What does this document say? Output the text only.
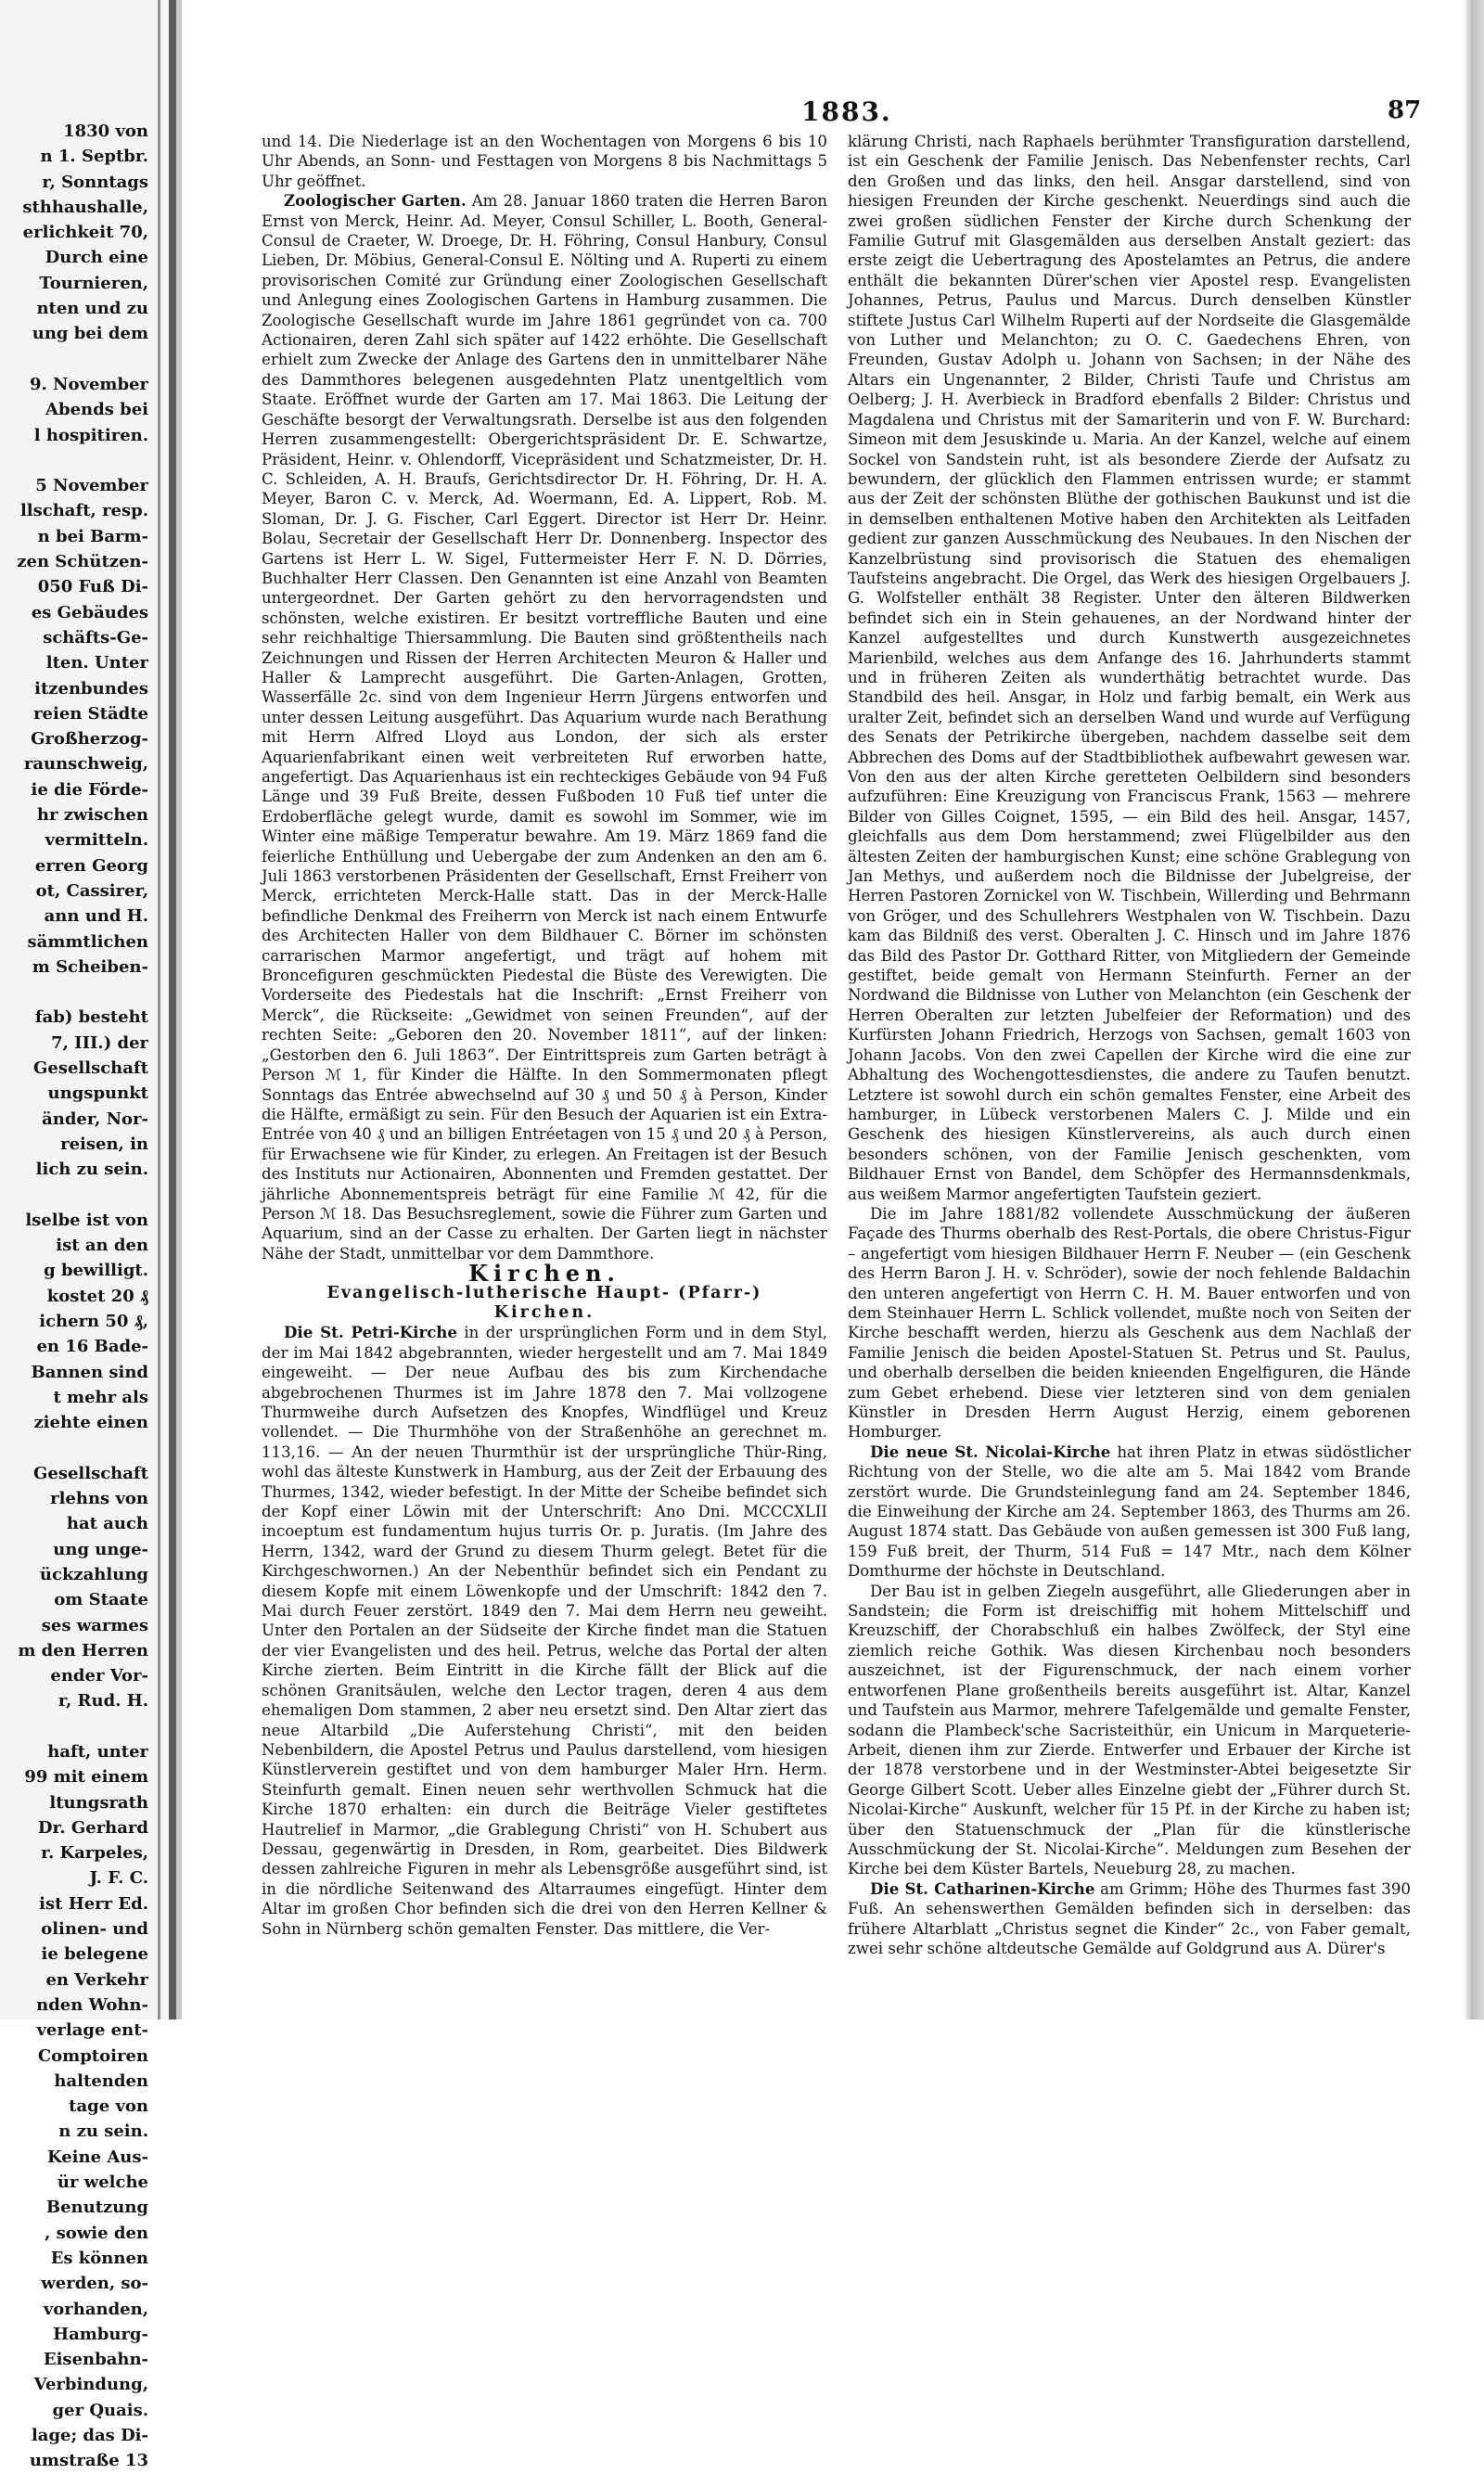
1830 von
n 1. Septbr.
r, Sonntags
sthhaushalle,
erlichkeit 70,
Durch eine
Tournieren,
nten und zu
ung bei dem
9. November
Abends bei
l hospitiren.
5 November
llschaft, resp.
n bei Barm-
zen Schützen-
050 Fuß Di-
es Gebäudes
schäfts-Ge-
lten. Unter
itzenbundes
reien Städte
Großherzog-
raunschweig,
ie die Förde-
hr zwischen
vermitteln.
erren Georg
ot, Cassirer,
ann und H.
sämmtlichen
m Scheiben-
fab) besteht
7, III.) der
Gesellschaft
ungspunkt
änder, Nor-
reisen, in
lich zu sein.
lselbe ist von
ist an den
g bewilligt.
kostet 20 ₰
ichern 50 ₰,
en 16 Bade-
Bannen sind
t mehr als
ziehte einen
Gesellschaft
rlehns von
hat auch
ung unge-
ückzahlung
om Staate
ses warmes
m den Herren
ender Vor-
r, Rud. H.
haft, unter
99 mit einem
ltungsrath
Dr. Gerhard
r. Karpeles,
J. F. C.
ist Herr Ed.
olinen- und
ie belegene
en Verkehr
nden Wohn-
verlage ent-
Comptoiren
haltenden
tage von
n zu sein.
Keine Aus-
ür welche
Benutzung
, sowie den
Es können
werden, so-
vorhanden,
Hamburg-
Eisenbahn-
Verbindung,
ger Quais.
lage; das Di-
umstraße 13
1883.	87

und 14. Die Niederlage ist an den Wochentagen von Morgens 6 bis 10 Uhr Abends, an Sonn- und Festtagen von Morgens 8 bis Nachmittags 5 Uhr geöffnet.

Zoologischer Garten. Am 28. Januar 1860 traten die Herren Baron Ernst von Merck, Heinr. Ad. Meyer, Consul Schiller, L. Booth, General-Consul de Craeter, W. Droege, Dr. H. Föhring, Consul Hanbury, Consul Lieben, Dr. Möbius, General-Consul E. Nölting und A. Ruperti zu einem provisorischen Comité zur Gründung einer Zoologischen Gesellschaft und Anlegung eines Zoologischen Gartens in Hamburg zusammen. Die Zoologische Gesellschaft wurde im Jahre 1861 gegründet von ca. 700 Actionairen, deren Zahl sich später auf 1422 erhöhte. Die Gesellschaft erhielt zum Zwecke der Anlage des Gartens den in unmittelbarer Nähe des Dammthores belegenen ausgedehnten Platz unentgeltlich vom Staate. Eröffnet wurde der Garten am 17. Mai 1863. Die Leitung der Geschäfte besorgt der Verwaltungsrath. Derselbe ist aus den folgenden Herren zusammengestellt: Obergerichtspräsident Dr. E. Schwartze, Präsident, Heinr. v. Ohlendorff, Vicepräsident und Schatzmeister, Dr. H. C. Schleiden, A. H. Braufs, Gerichtsdirector Dr. H. Föhring, Dr. H. A. Meyer, Baron C. v. Merck, Ad. Woermann, Ed. A. Lippert, Rob. M. Sloman, Dr. J. G. Fischer, Carl Eggert. Director ist Herr Dr. Heinr. Bolau, Secretair der Gesellschaft Herr Dr. Donnenberg. Inspector des Gartens ist Herr L. W. Sigel, Futtermeister Herr F. N. D. Dörries, Buchhalter Herr Classen. Den Genannten ist eine Anzahl von Beamten untergeordnet. Der Garten gehört zu den hervorragendsten und schönsten, welche existiren. Er besitzt vortreffliche Bauten und eine sehr reichhaltige Thiersammlung. Die Bauten sind größtentheils nach Zeichnungen und Rissen der Herren Architecten Meuron & Haller und Haller & Lamprecht ausgeführt. Die Garten-Anlagen, Grotten, Wasserfälle 2c. sind von dem Ingenieur Herrn Jürgens entworfen und unter dessen Leitung ausgeführt. Das Aquarium wurde nach Berathung mit Herrn Alfred Lloyd aus London, der sich als erster Aquarienfabrikant einen weit verbreiteten Ruf erworben hatte, angefertigt. Das Aquarienhaus ist ein rechteckiges Gebäude von 94 Fuß Länge und 39 Fuß Breite, dessen Fußboden 10 Fuß tief unter die Erdoberfläche gelegt wurde, damit es sowohl im Sommer, wie im Winter eine mäßige Temperatur bewahre. Am 19. März 1869 fand die feierliche Enthüllung und Uebergabe der zum Andenken an den am 6. Juli 1863 verstorbenen Präsidenten der Gesellschaft, Ernst Freiherr von Merck, errichteten Merck-Halle statt. Das in der Merck-Halle befindliche Denkmal des Freiherrn von Merck ist nach einem Entwurfe des Architecten Haller von dem Bildhauer C. Börner im schönsten carrarischen Marmor angefertigt, und trägt auf hohem mit Broncefiguren geschmückten Piedestal die Büste des Verewigten. Die Vorderseite des Piedestals hat die Inschrift: „Ernst Freiherr von Merck“, die Rückseite: „Gewidmet von seinen Freunden“, auf der rechten Seite: „Geboren den 20. November 1811“, auf der linken: „Gestorben den 6. Juli 1863“. Der Eintrittspreis zum Garten beträgt à Person ℳ 1, für Kinder die Hälfte. In den Sommermonaten pflegt Sonntags das Entrée abwechselnd auf 30 ₰ und 50 ₰ à Person, Kinder die Hälfte, ermäßigt zu sein. Für den Besuch der Aquarien ist ein Extra-Entrée von 40 ₰ und an billigen Entréetagen von 15 ₰ und 20 ₰ à Person, für Erwachsene wie für Kinder, zu erlegen. An Freitagen ist der Besuch des Instituts nur Actionairen, Abonnenten und Fremden gestattet. Der jährliche Abonnementspreis beträgt für eine Familie ℳ 42, für die Person ℳ 18. Das Besuchsreglement, sowie die Führer zum Garten und Aquarium, sind an der Casse zu erhalten. Der Garten liegt in nächster Nähe der Stadt, unmittelbar vor dem Dammthore.

Kirchen.

Evangelisch-lutherische Haupt- (Pfarr-)

Kirchen.

Die St. Petri-Kirche in der ursprünglichen Form und in dem Styl, der im Mai 1842 abgebrannten, wieder hergestellt und am 7. Mai 1849 eingeweiht. — Der neue Aufbau des bis zum Kirchendache abgebrochenen Thurmes ist im Jahre 1878 den 7. Mai vollzogene Thurmweihe durch Aufsetzen des Knopfes, Windflügel und Kreuz vollendet. — Die Thurmhöhe von der Straßenhöhe an gerechnet m. 113,16. — An der neuen Thurmthür ist der ursprüngliche Thür-Ring, wohl das älteste Kunstwerk in Hamburg, aus der Zeit der Erbauung des Thurmes, 1342, wieder befestigt. In der Mitte der Scheibe befindet sich der Kopf einer Löwin mit der Unterschrift: Ano Dni. MCCCXLII incoeptum est fundamentum hujus turris Or. p. Juratis. (Im Jahre des Herrn, 1342, ward der Grund zu diesem Thurm gelegt. Betet für die Kirchgeschwornen.) An der Nebenthür befindet sich ein Pendant zu diesem Kopfe mit einem Löwenkopfe und der Umschrift: 1842 den 7. Mai durch Feuer zerstört. 1849 den 7. Mai dem Herrn neu geweiht. Unter den Portalen an der Südseite der Kirche findet man die Statuen der vier Evangelisten und des heil. Petrus, welche das Portal der alten Kirche zierten. Beim Eintritt in die Kirche fällt der Blick auf die schönen Granitsäulen, welche den Lector tragen, deren 4 aus dem ehemaligen Dom stammen, 2 aber neu ersetzt sind. Den Altar ziert das neue Altarbild „Die Auferstehung Christi“, mit den beiden Nebenbildern, die Apostel Petrus und Paulus darstellend, vom hiesigen Künstlerverein gestiftet und von dem hamburger Maler Hrn. Herm. Steinfurth gemalt. Einen neuen sehr werthvollen Schmuck hat die Kirche 1870 erhalten: ein durch die Beiträge Vieler gestiftetes Hautrelief in Marmor, „die Grablegung Christi“ von H. Schubert aus Dessau, gegenwärtig in Dresden, in Rom, gearbeitet. Dies Bildwerk dessen zahlreiche Figuren in mehr als Lebensgröße ausgeführt sind, ist in die nördliche Seitenwand des Altarraumes eingefügt. Hinter dem Altar im großen Chor befinden sich die drei von den Herren Kellner & Sohn in Nürnberg schön gemalten Fenster. Das mittlere, die Ver-

klärung Christi, nach Raphaels berühmter Transfiguration darstellend, ist ein Geschenk der Familie Jenisch. Das Nebenfenster rechts, Carl den Großen und das links, den heil. Ansgar darstellend, sind von hiesigen Freunden der Kirche geschenkt. Neuerdings sind auch die zwei großen südlichen Fenster der Kirche durch Schenkung der Familie Gutruf mit Glasgemälden aus derselben Anstalt geziert: das erste zeigt die Uebertragung des Apostelamtes an Petrus, die andere enthält die bekannten Dürer'schen vier Apostel resp. Evangelisten Johannes, Petrus, Paulus und Marcus. Durch denselben Künstler stiftete Justus Carl Wilhelm Ruperti auf der Nordseite die Glasgemälde von Luther und Melanchton; zu O. C. Gaedechens Ehren, von Freunden, Gustav Adolph u. Johann von Sachsen; in der Nähe des Altars ein Ungenannter, 2 Bilder, Christi Taufe und Christus am Oelberg; J. H. Averbieck in Bradford ebenfalls 2 Bilder: Christus und Magdalena und Christus mit der Samariterin und von F. W. Burchard: Simeon mit dem Jesuskinde u. Maria. An der Kanzel, welche auf einem Sockel von Sandstein ruht, ist als besondere Zierde der Aufsatz zu bewundern, der glücklich den Flammen entrissen wurde; er stammt aus der Zeit der schönsten Blüthe der gothischen Baukunst und ist die in demselben enthaltenen Motive haben den Architekten als Leitfaden gedient zur ganzen Ausschmückung des Neubaues. In den Nischen der Kanzelbrüstung sind provisorisch die Statuen des ehemaligen Taufsteins angebracht. Die Orgel, das Werk des hiesigen Orgelbauers J. G. Wolfsteller enthält 38 Register. Unter den älteren Bildwerken befindet sich ein in Stein gehauenes, an der Nordwand hinter der Kanzel aufgestelltes und durch Kunstwerth ausgezeichnetes Marienbild, welches aus dem Anfange des 16. Jahrhunderts stammt und in früheren Zeiten als wunderthätig betrachtet wurde. Das Standbild des heil. Ansgar, in Holz und farbig bemalt, ein Werk aus uralter Zeit, befindet sich an derselben Wand und wurde auf Verfügung des Senats der Petrikirche übergeben, nachdem dasselbe seit dem Abbrechen des Doms auf der Stadtbibliothek aufbewahrt gewesen war. Von den aus der alten Kirche geretteten Oelbildern sind besonders aufzuführen: Eine Kreuzigung von Franciscus Frank, 1563 — mehrere Bilder von Gilles Coignet, 1595, — ein Bild des heil. Ansgar, 1457, gleichfalls aus dem Dom herstammend; zwei Flügelbilder aus den ältesten Zeiten der hamburgischen Kunst; eine schöne Grablegung von Jan Methys, und außerdem noch die Bildnisse der Jubelgreise, der Herren Pastoren Zornickel von W. Tischbein, Willerding und Behrmann von Gröger, und des Schullehrers Westphalen von W. Tischbein. Dazu kam das Bildniß des verst. Oberalten J. C. Hinsch und im Jahre 1876 das Bild des Pastor Dr. Gotthard Ritter, von Mitgliedern der Gemeinde gestiftet, beide gemalt von Hermann Steinfurth. Ferner an der Nordwand die Bildnisse von Luther von Melanchton (ein Geschenk der Herren Oberalten zur letzten Jubelfeier der Reformation) und des Kurfürsten Johann Friedrich, Herzogs von Sachsen, gemalt 1603 von Johann Jacobs. Von den zwei Capellen der Kirche wird die eine zur Abhaltung des Wochengottesdienstes, die andere zu Taufen benutzt. Letztere ist sowohl durch ein schön gemaltes Fenster, eine Arbeit des hamburger, in Lübeck verstorbenen Malers C. J. Milde und ein Geschenk des hiesigen Künstlervereins, als auch durch einen besonders schönen, von der Familie Jenisch geschenkten, vom Bildhauer Ernst von Bandel, dem Schöpfer des Hermannsdenkmals, aus weißem Marmor angefertigten Taufstein geziert.

Die im Jahre 1881/82 vollendete Ausschmückung der äußeren Façade des Thurms oberhalb des Rest-Portals, die obere Christus-Figur – angefertigt vom hiesigen Bildhauer Herrn F. Neuber — (ein Geschenk des Herrn Baron J. H. v. Schröder), sowie der noch fehlende Baldachin den unteren angefertigt von Herrn C. H. M. Bauer entworfen und von dem Steinhauer Herrn L. Schlick vollendet, mußte noch von Seiten der Kirche beschafft werden, hierzu als Geschenk aus dem Nachlaß der Familie Jenisch die beiden Apostel-Statuen St. Petrus und St. Paulus, und oberhalb derselben die beiden knieenden Engelfiguren, die Hände zum Gebet erhebend. Diese vier letzteren sind von dem genialen Künstler in Dresden Herrn August Herzig, einem geborenen Homburger.

Die neue St. Nicolai-Kirche hat ihren Platz in etwas südöstlicher Richtung von der Stelle, wo die alte am 5. Mai 1842 vom Brande zerstört wurde. Die Grundsteinlegung fand am 24. September 1846, die Einweihung der Kirche am 24. September 1863, des Thurms am 26. August 1874 statt. Das Gebäude von außen gemessen ist 300 Fuß lang, 159 Fuß breit, der Thurm, 514 Fuß = 147 Mtr., nach dem Kölner Domthurme der höchste in Deutschland.

Der Bau ist in gelben Ziegeln ausgeführt, alle Gliederungen aber in Sandstein; die Form ist dreischiffig mit hohem Mittelschiff und Kreuzschiff, der Chorabschluß ein halbes Zwölfeck, der Styl eine ziemlich reiche Gothik. Was diesen Kirchenbau noch besonders auszeichnet, ist der Figurenschmuck, der nach einem vorher entworfenen Plane großentheils bereits ausgeführt ist. Altar, Kanzel und Taufstein aus Marmor, mehrere Tafelgemälde und gemalte Fenster, sodann die Plambeck'sche Sacristeithür, ein Unicum in Marqueterie-Arbeit, dienen ihm zur Zierde. Entwerfer und Erbauer der Kirche ist der 1878 verstorbene und in der Westminster-Abtei beigesetzte Sir George Gilbert Scott. Ueber alles Einzelne giebt der „Führer durch St. Nicolai-Kirche“ Auskunft, welcher für 15 Pf. in der Kirche zu haben ist; über den Statuenschmuck der „Plan für die künstlerische Ausschmückung der St. Nicolai-Kirche“. Meldungen zum Besehen der Kirche bei dem Küster Bartels, Neueburg 28, zu machen.

Die St. Catharinen-Kirche am Grimm; Höhe des Thurmes fast 390 Fuß. An sehenswerthen Gemälden befinden sich in derselben: das frühere Altarblatt „Christus segnet die Kinder“ 2c., von Faber gemalt, zwei sehr schöne altdeutsche Gemälde auf Goldgrund aus A. Dürer's
